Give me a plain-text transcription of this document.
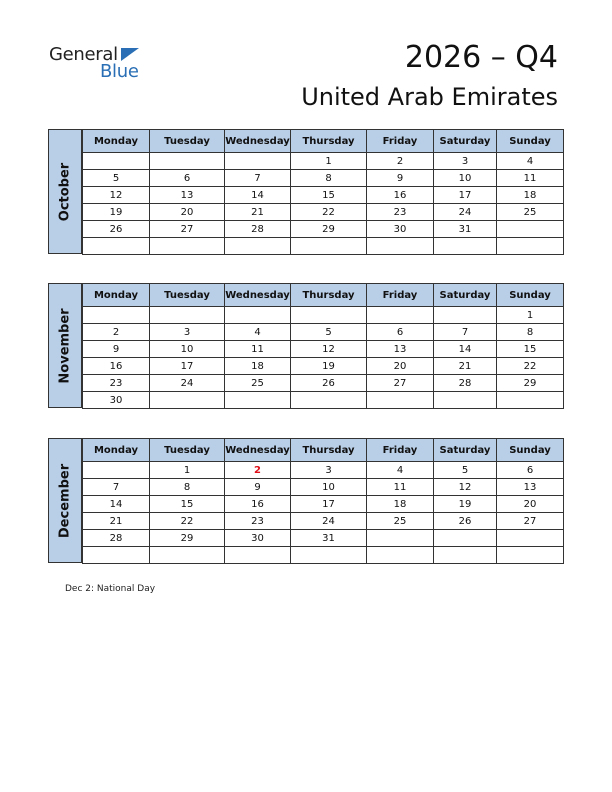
General
Blue	2026 – Q4
United Arab Emirates
October
Monday	Tuesday	Wednesday	Thursday	Friday	Saturday	Sunday
			1	2	3	4
5	6	7	8	9	10	11
12	13	14	15	16	17	18
19	20	21	22	23	24	25
26	27	28	29	30	31	

November
Monday	Tuesday	Wednesday	Thursday	Friday	Saturday	Sunday
						1
2	3	4	5	6	7	8
9	10	11	12	13	14	15
16	17	18	19	20	21	22
23	24	25	26	27	28	29
30						
December
Monday	Tuesday	Wednesday	Thursday	Friday	Saturday	Sunday
	1	2	3	4	5	6
7	8	9	10	11	12	13
14	15	16	17	18	19	20
21	22	23	24	25	26	27
28	29	30	31			

Dec 2: National Day
